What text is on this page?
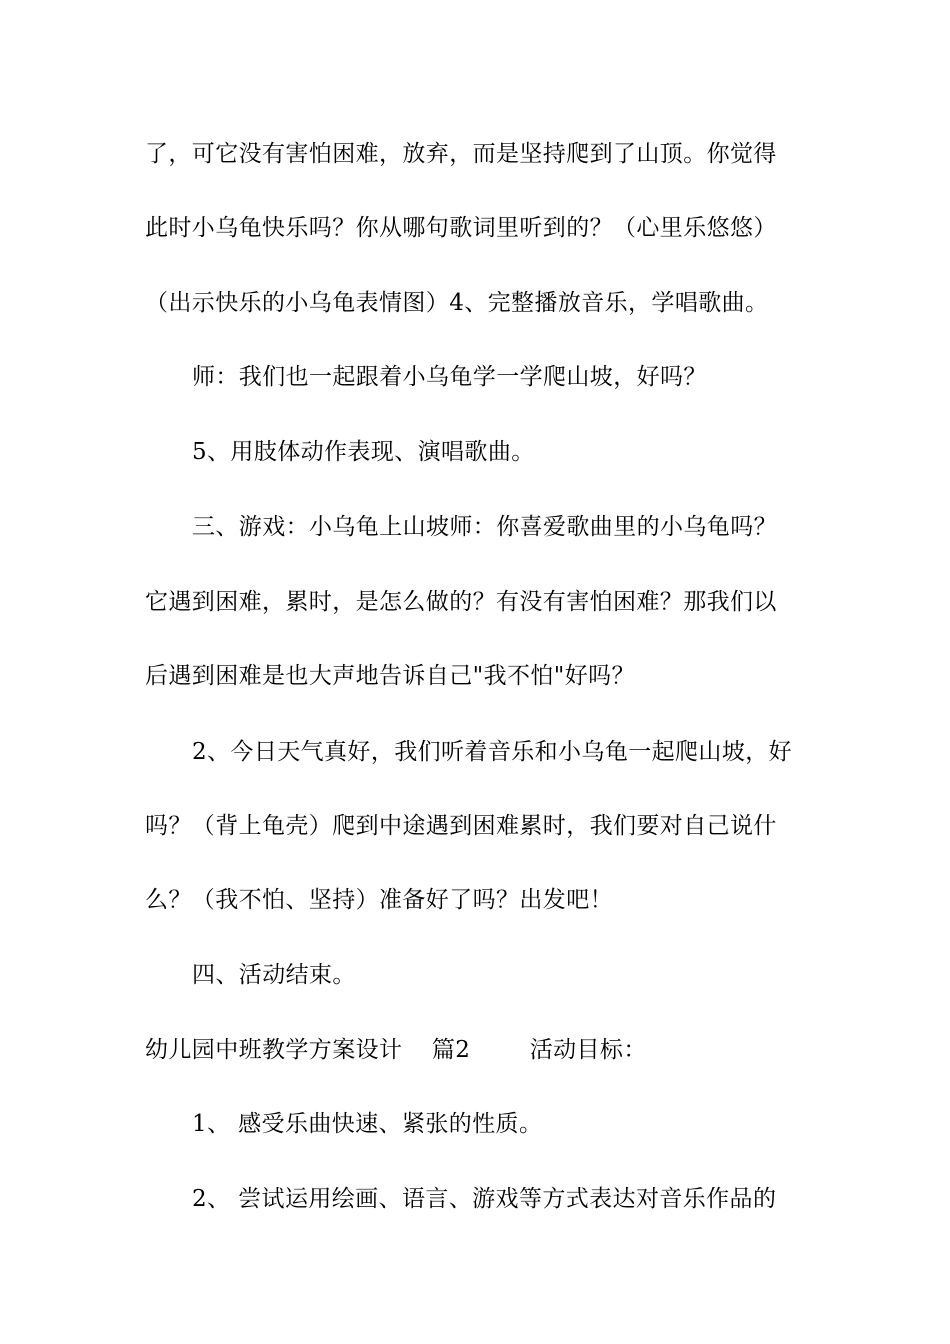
了，可它没有害怕困难，放弃，而是坚持爬到了山顶。你觉得
此时小乌龟快乐吗？你从哪句歌词里听到的？（心里乐悠悠）
（出示快乐的小乌龟表情图）4、完整播放音乐，学唱歌曲。
师：我们也一起跟着小乌龟学一学爬山坡，好吗？
5、用肢体动作表现、演唱歌曲。
三、游戏：小乌龟上山坡师：你喜爱歌曲里的小乌龟吗？
它遇到困难，累时，是怎么做的？有没有害怕困难？那我们以
后遇到困难是也大声地告诉自己"我不怕"好吗？
2、今日天气真好，我们听着音乐和小乌龟一起爬山坡，好
吗？（背上龟壳）爬到中途遇到困难累时，我们要对自己说什
么？（我不怕、坚持）准备好了吗？出发吧！
四、活动结束。
幼儿园中班教学方案设计 篇2	活动目标：
1、 感受乐曲快速、紧张的性质。
2、 尝试运用绘画、语言、游戏等方式表达对音乐作品的
